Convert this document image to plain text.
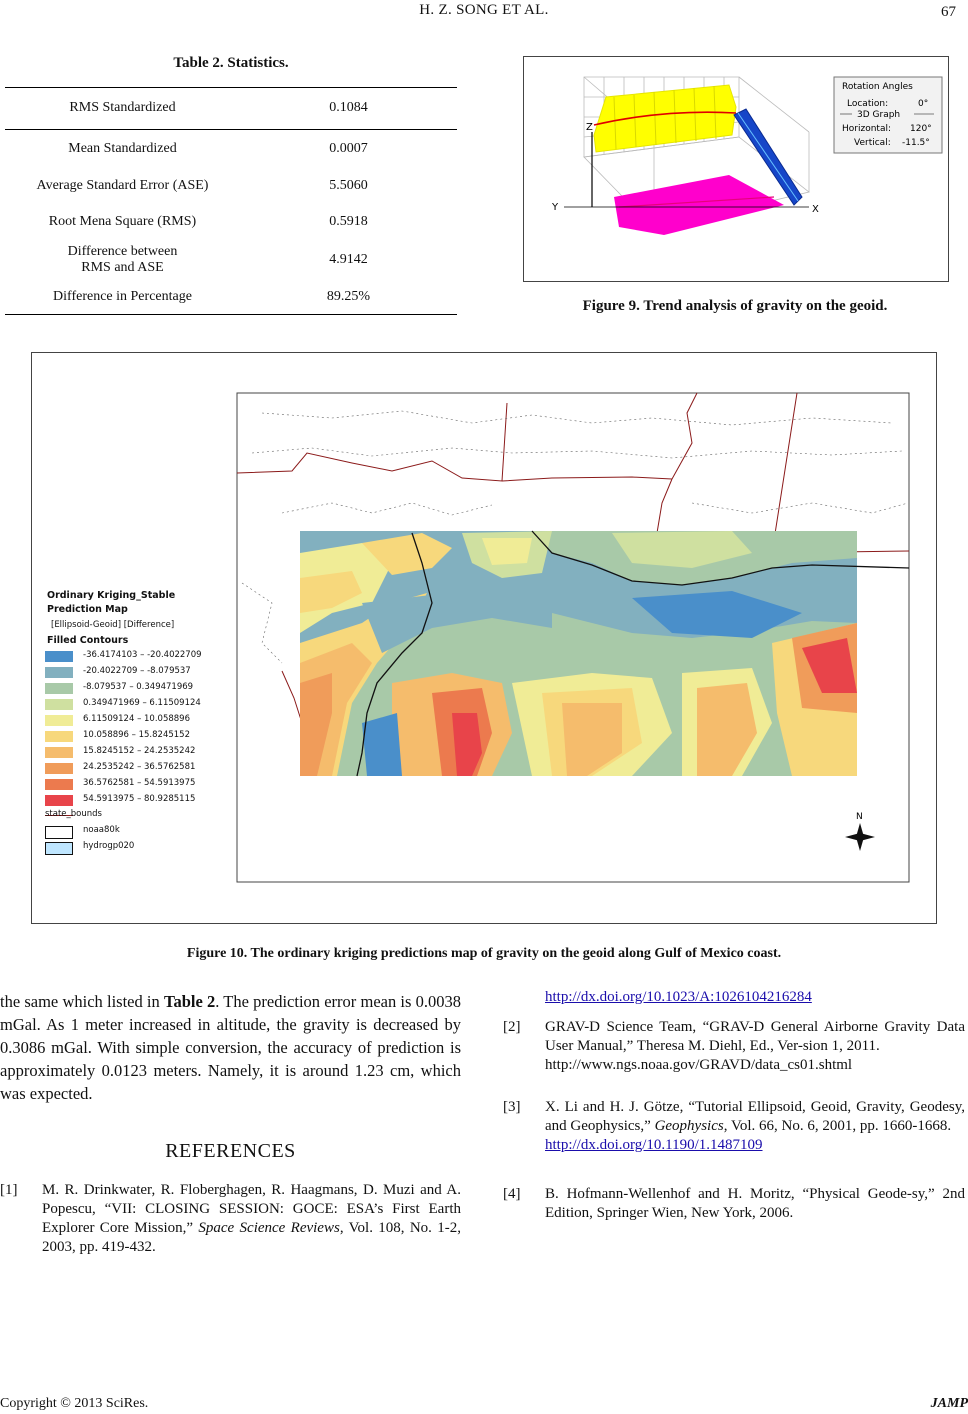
H. Z. SONG ET AL.	67
Table 2. Statistics.
RMS Standardized	0.1084
Mean Standardized	0.0007
Average Standard Error (ASE)	5.5060
Root Mena Square (RMS)	0.5918
Difference between
RMS and ASE
4.9142
Difference in Percentage	89.25%
Z
Y	X
Rotation Angles
Location:	0°
3D Graph
Horizontal: 120°
Vertical: -11.5°
Figure 9. Trend analysis of gravity on the geoid.
N
Ordinary Kriging_Stable
Prediction Map
[Ellipsoid-Geoid] [Difference]
Filled Contours
-36.4174103 – -20.4022709
-20.4022709 – -8.079537
-8.079537 – 0.349471969
0.349471969 – 6.11509124
6.11509124 – 10.058896
10.058896 – 15.8245152
15.8245152 – 24.2535242
24.2535242 – 36.5762581
36.5762581 – 54.5913975
54.5913975 – 80.9285115
state_bounds
noaa80k
hydrogp020
Figure 10. The ordinary kriging predictions map of gravity on the geoid along Gulf of Mexico coast.
the same which listed in Table 2. The prediction error mean is 0.0038 mGal. As 1 meter increased in altitude, the gravity is decreased by 0.3086 mGal. With simple conversion, the accuracy of prediction is approximately 0.0123 meters. Namely, it is around 1.23 cm, which was expected.
REFERENCES
[1] M. R. Drinkwater, R. Floberghagen, R. Haagmans, D. Muzi and A. Popescu, “VII: CLOSING SESSION: GOCE: ESA’s First Earth Explorer Core Mission,” Space Science Reviews, Vol. 108, No. 1-2, 2003, pp. 419-432.
http://dx.doi.org/10.1023/A:1026104216284
[2] GRAV-D Science Team, “GRAV-D General Airborne Gravity Data User Manual,” Theresa M. Diehl, Ed., Ver-sion 1, 2011.
http://www.ngs.noaa.gov/GRAVD/data_cs01.shtml
[3] X. Li and H. J. Götze, “Tutorial Ellipsoid, Geoid, Gravity, Geodesy, and Geophysics,” Geophysics, Vol. 66, No. 6, 2001, pp. 1660-1668.
http://dx.doi.org/10.1190/1.1487109
[4] B. Hofmann-Wellenhof and H. Moritz, “Physical Geode-sy,” 2nd Edition, Springer Wien, New York, 2006.
Copyright © 2013 SciRes.	JAMP
